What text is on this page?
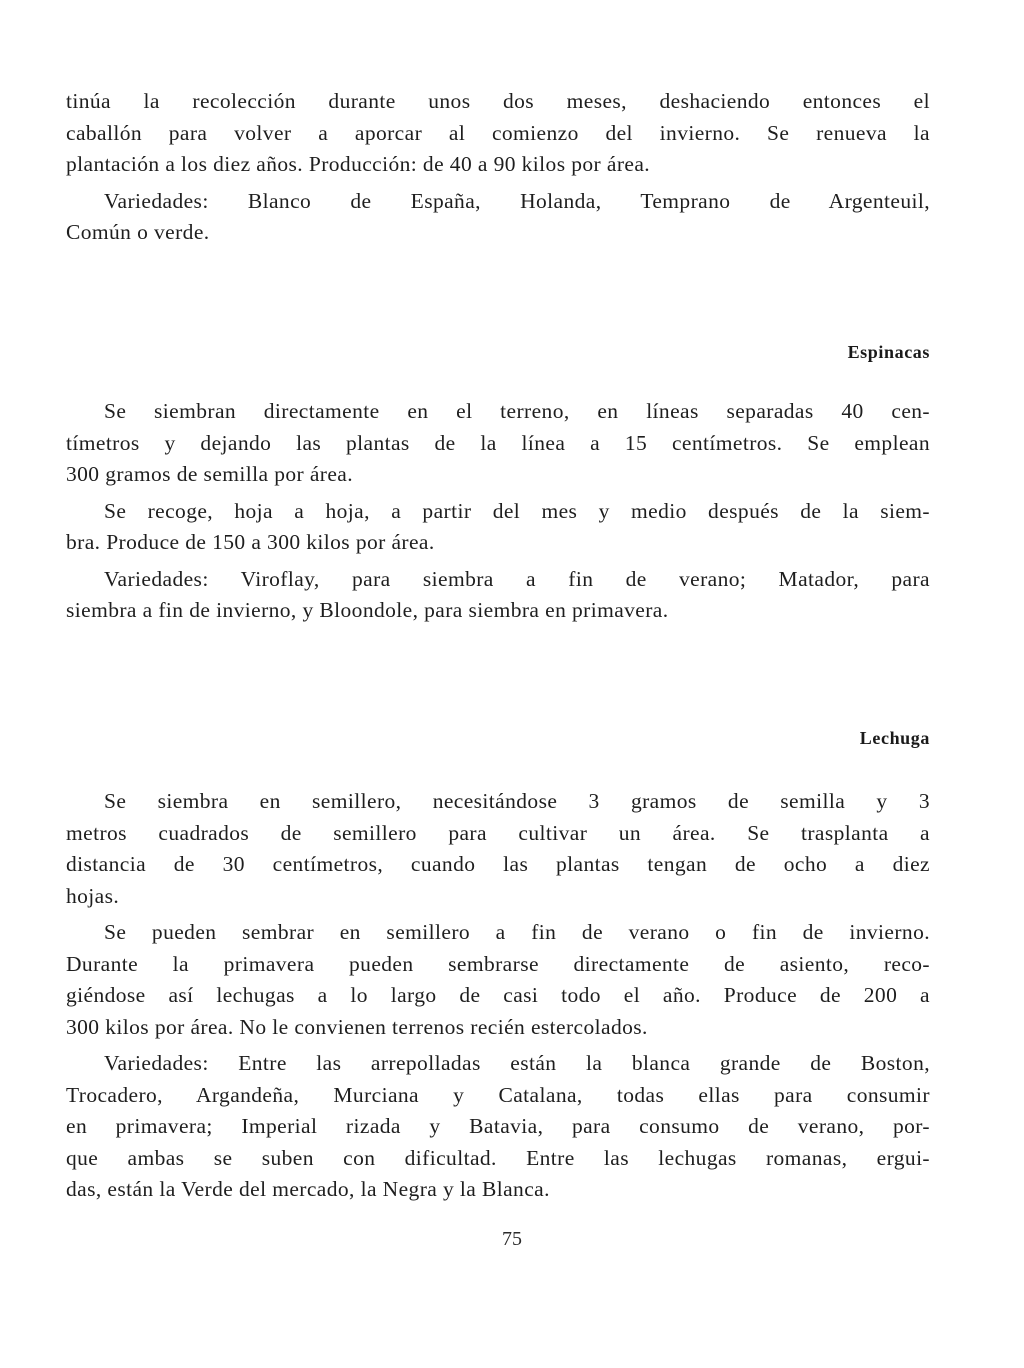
tinúa la recolección durante unos dos meses, deshaciendo entonces el
caballón para volver a aporcar al comienzo del invierno. Se renueva la
plantación a los diez años. Producción: de 40 a 90 kilos por área.
Variedades: Blanco de España, Holanda, Temprano de Argenteuil,
Común o verde.
Espinacas
Se siembran directamente en el terreno, en líneas separadas 40 cen-
tímetros y dejando las plantas de la línea a 15 centímetros. Se emplean
300 gramos de semilla por área.
Se recoge, hoja a hoja, a partir del mes y medio después de la siem-
bra. Produce de 150 a 300 kilos por área.
Variedades: Viroflay, para siembra a fin de verano; Matador, para
siembra a fin de invierno, y Bloondole, para siembra en primavera.
Lechuga
Se siembra en semillero, necesitándose 3 gramos de semilla y 3
metros cuadrados de semillero para cultivar un área. Se trasplanta a
distancia de 30 centímetros, cuando las plantas tengan de ocho a diez
hojas.
Se pueden sembrar en semillero a fin de verano o fin de invierno.
Durante la primavera pueden sembrarse directamente de asiento, reco-
giéndose así lechugas a lo largo de casi todo el año. Produce de 200 a
300 kilos por área. No le convienen terrenos recién estercolados.
Variedades: Entre las arrepolladas están la blanca grande de Boston,
Trocadero, Argandeña, Murciana y Catalana, todas ellas para consumir
en primavera; Imperial rizada y Batavia, para consumo de verano, por-
que ambas se suben con dificultad. Entre las lechugas romanas, ergui-
das, están la Verde del mercado, la Negra y la Blanca.
75
